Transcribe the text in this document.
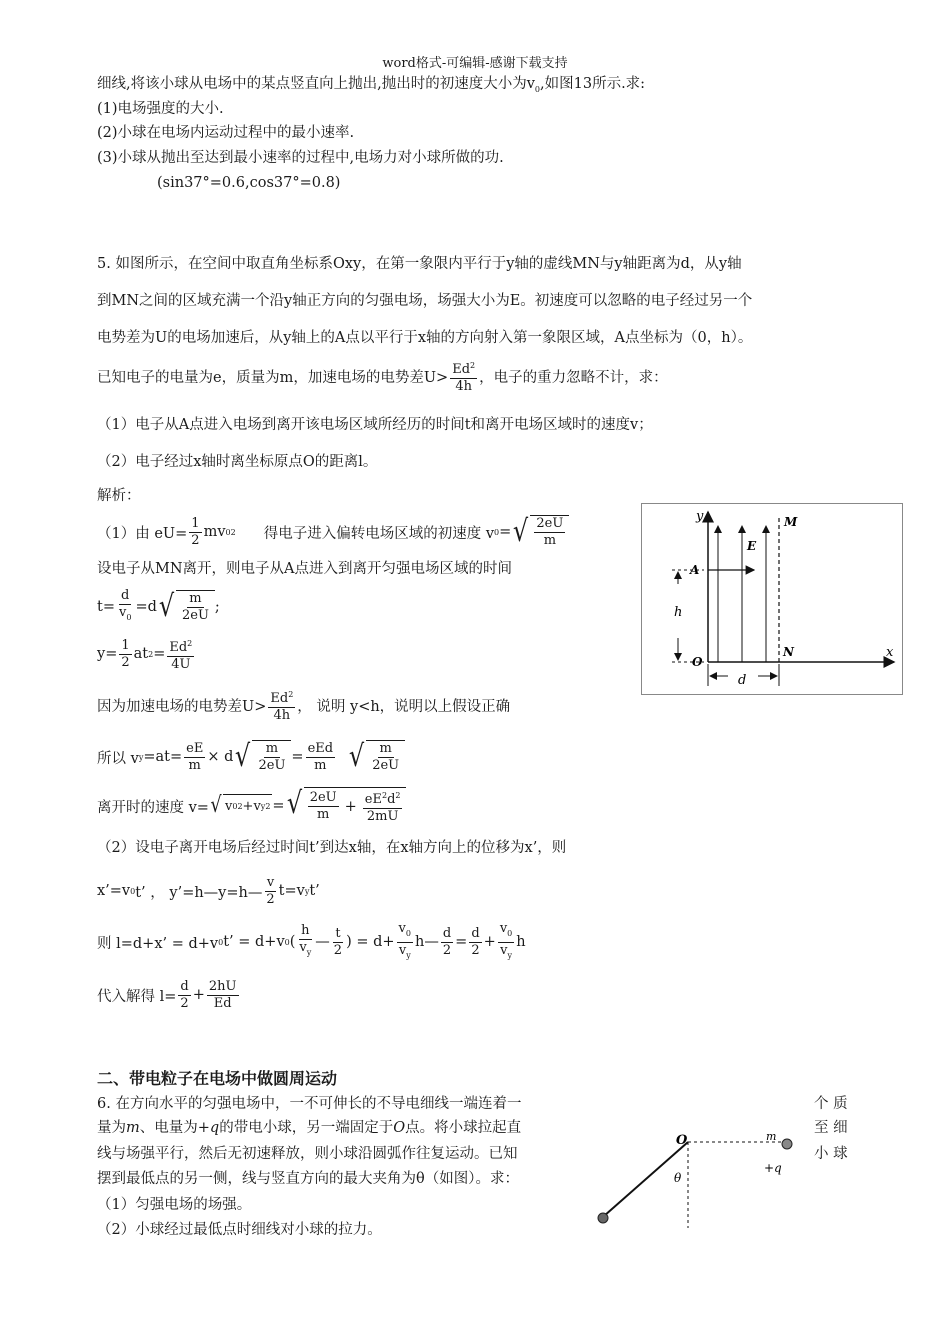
word格式-可编辑-感谢下载支持
细线,将该小球从电场中的某点竖直向上抛出,抛出时的初速度大小为$v_0$,如图13所示.求:
(1)电场强度的大小.
(2)小球在电场内运动过程中的最小速率.
(3)小球从抛出至达到最小速率的过程中,电场力对小球所做的功.
(sin37°=0.6,cos37°=0.8)
5. 如图所示，在空间中取直角坐标系Oxy，在第一象限内平行于y轴的虚线MN与y轴距离为d，从y轴
到MN之间的区域充满一个沿y轴正方向的匀强电场，场强大小为E。初速度可以忽略的电子经过另一个
电势差为U的电场加速后，从y轴上的A点以平行于x轴的方向射入第一象限区域，A点坐标为（0，h）。
已知电子的电量为e，质量为m，加速电场的电势差$U> \frac{Ed^2}{4h}$ ，电子的重力忽略不计，求：
（1）电子从A点进入电场到离开该电场区域所经历的时间t和离开电场区域时的速度v；
（2）电子经过x轴时离坐标原点O的距离l。
解析：
（1）由 $eU= \frac{1}{2}$ mv 0 2 得电子进入偏转电场区域的初速度 v 0 = √ $\frac{2eU}{m}$
设电子从MN离开，则电子从A点进入到离开匀强电场区域的时间
$t= \frac{d}{v_0} =d$ √ $\frac{m}{2eU}$ ;
$y= \frac{1}{2}$ at $2 = \frac{Ed^2}{4U}$
因为加速电场的电势差$U> \frac{Ed^2}{4h}$ ， 说明 y<h，说明以上假设正确
所以 v $y =at= \frac{eE}{m} \times d$ √ $\frac{m}{2eU} = \frac{\text{eEd}}{m}$ √ $\frac{m}{2eU}$
离开时的速度 v= √ v 0 2 + v y 2 = √ $\frac{2eU}{m} + \frac{eE^2d^2}{2mU}$
（2）设电子离开电场后经过时间t’到达x轴，在x轴方向上的位移为x’，则
x’=v 0 t’ ， y’=h—y=h— $\frac{v}{2} t=v$ y t’
则 l=d+x’ = d+v 0 t’ = d+v 0 ( $\frac{h}{v_y}$ — $\frac{t}{2}$ ) = $d+ \frac{v_0}{v_y}$ h— $\frac{d}{2} = \frac{d}{2} + \frac{v_0}{v_y}$ h
代入解得 $l= \frac{d}{2} + \frac{2hU}{Ed}$
y
x
M
N
E
A
O
h
d
二、带电粒子在电场中做圆周运动
6. 在方向水平的匀强电场中，一不可伸长的不导电细线一端连着一	个 质
量为m、电量为+q的带电小球，另一端固定于O点。将小球拉起直	至 细
线与场强平行，然后无初速释放，则小球沿圆弧作往复运动。已知	小 球
摆到最低点的另一侧，线与竖直方向的最大夹角为θ（如图）。求：
（1）匀强电场的场强。
（2）小球经过最低点时细线对小球的拉力。
O	m
+q
θ
